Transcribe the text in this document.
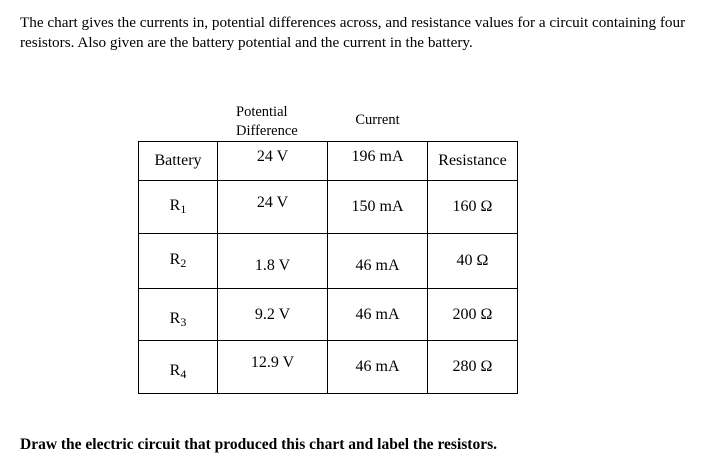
The chart gives the currents in, potential differences across, and resistance values for a circuit containing four resistors. Also given are the battery potential and the current in the battery.
Potential Difference
Current
Battery	24 V	196 mA	Resistance
$R_1$	24 V	150 mA	160 Ω

$R_2$	1.8 V	46 mA	40 Ω

$R_3$	9.2 V	46 mA	200 Ω

$R_4$	12.9 V	46 mA	280 Ω
Draw the electric circuit that produced this chart and label the resistors.
